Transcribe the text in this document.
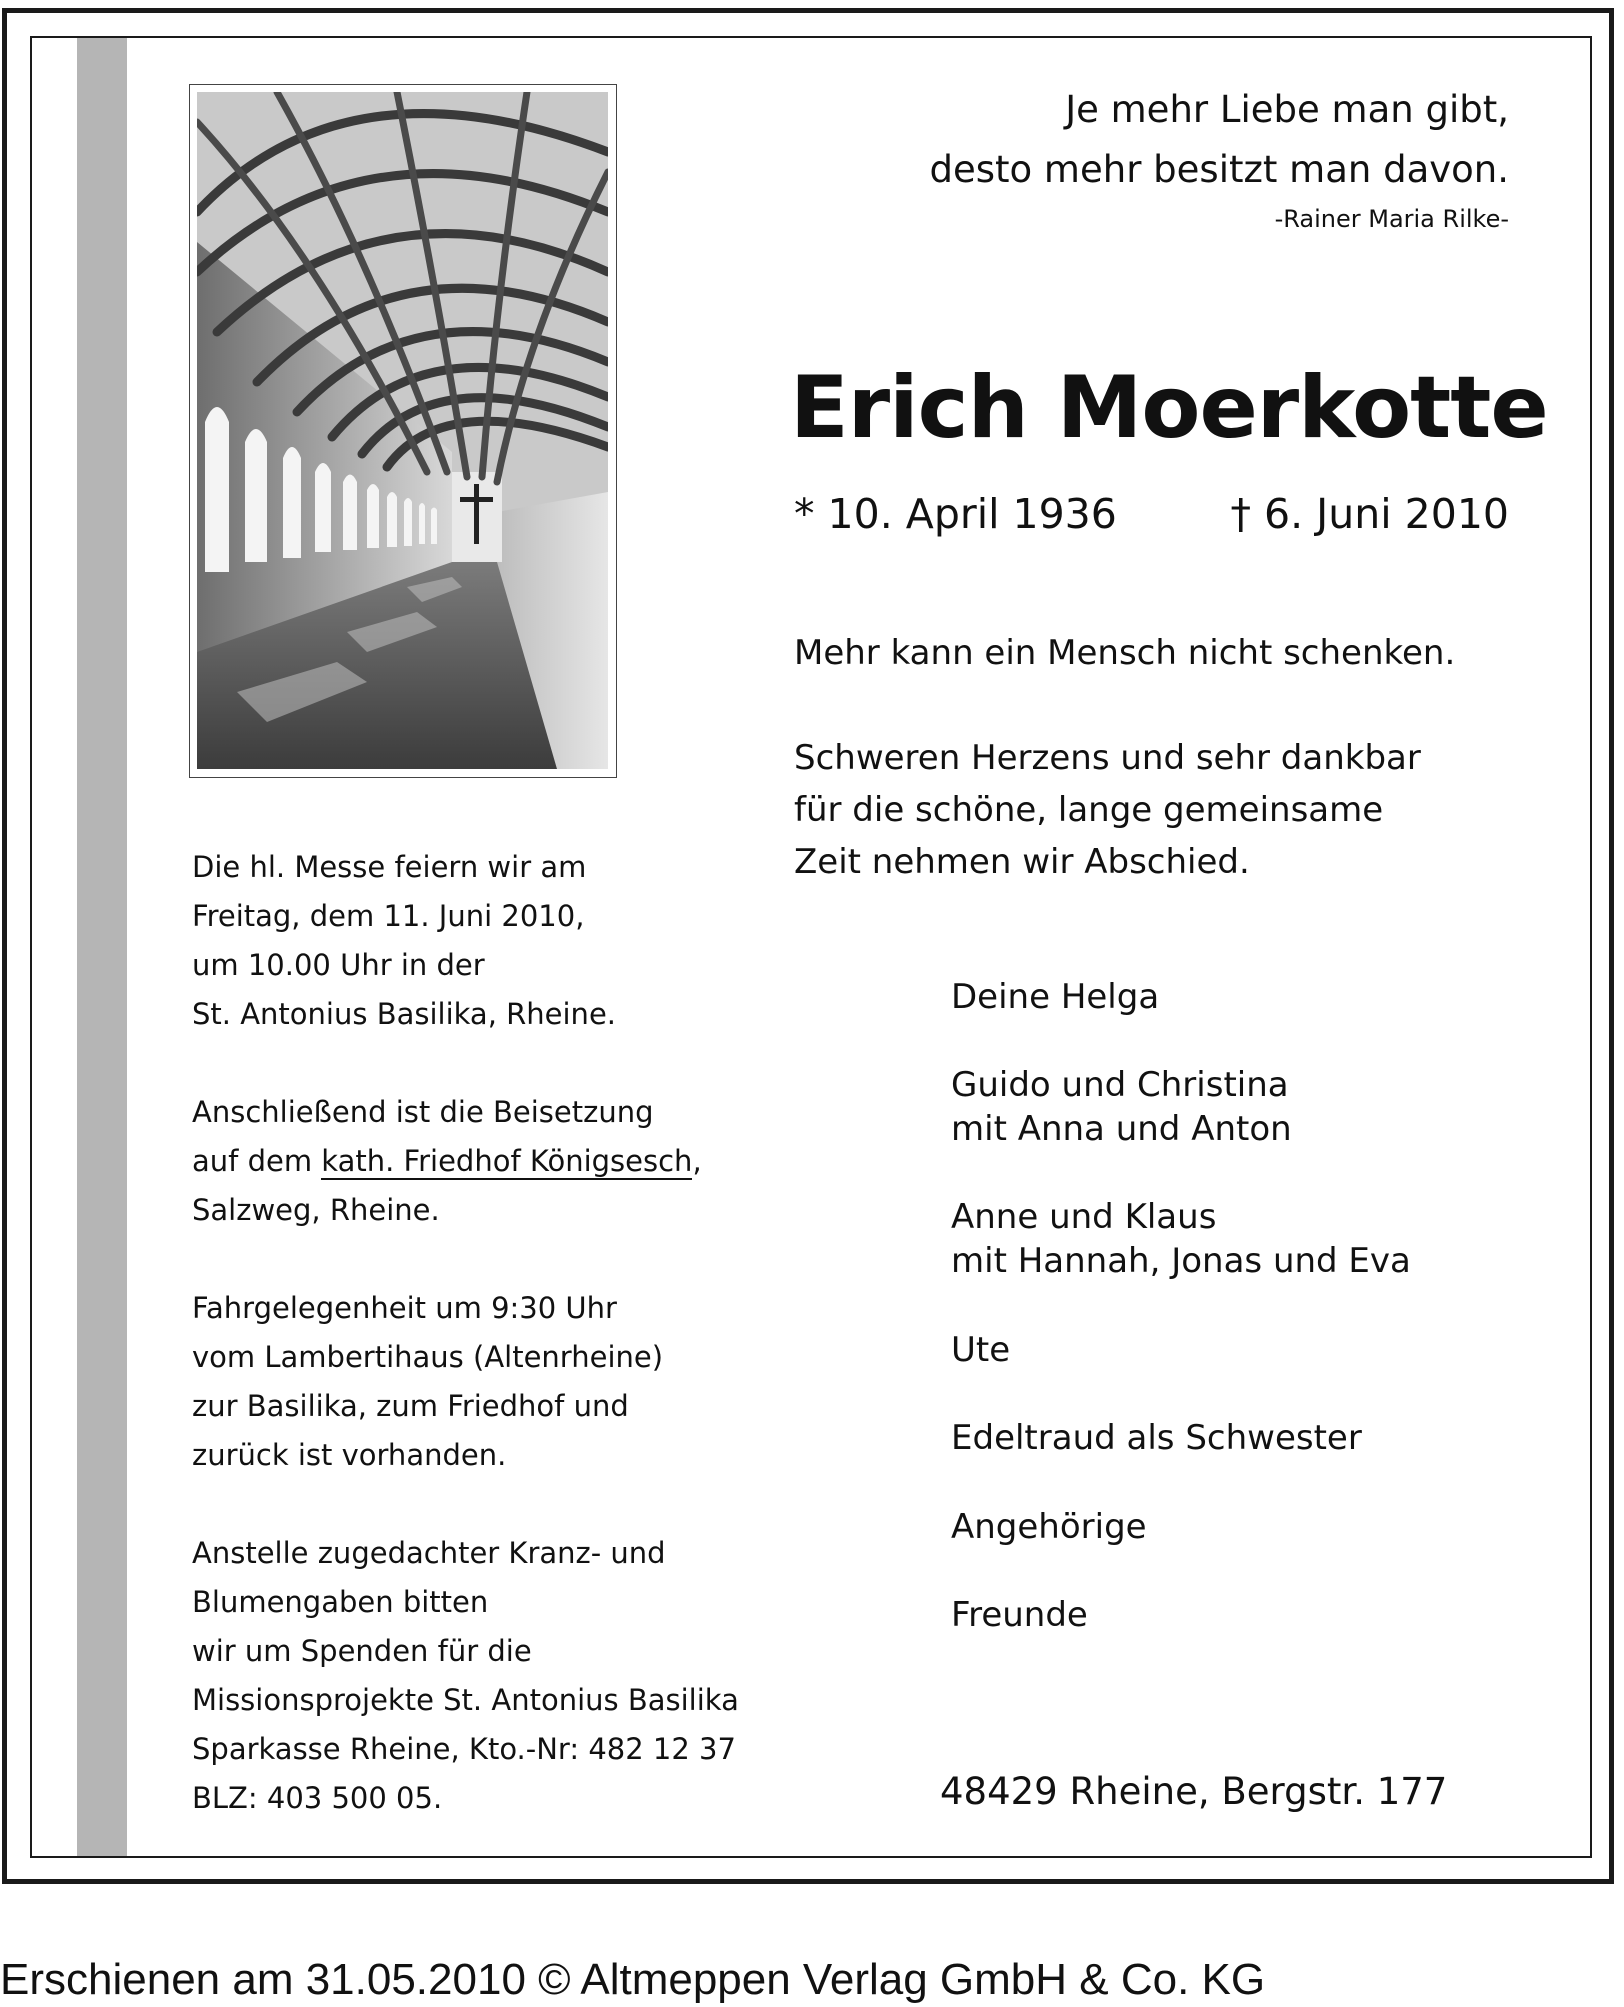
Je mehr Liebe man gibt,
desto mehr besitzt man davon.
-Rainer Maria Rilke-
Erich Moerkotte
* 10. April 1936	† 6. Juni 2010
Mehr kann ein Mensch nicht schenken.
Schweren Herzens und sehr dankbar
für die schöne, lange gemeinsame
Zeit nehmen wir Abschied.
Deine Helga
Guido und Christina
mit Anna und Anton
Anne und Klaus
mit Hannah, Jonas und Eva
Ute
Edeltraud als Schwester
Angehörige
Freunde
Die hl. Messe feiern wir am
Freitag, dem 11. Juni 2010,
um 10.00 Uhr in der
St. Antonius Basilika, Rheine.
Anschließend ist die Beisetzung
auf dem kath. Friedhof Königsesch,
Salzweg, Rheine.
Fahrgelegenheit um 9:30 Uhr
vom Lambertihaus (Altenrheine)
zur Basilika, zum Friedhof und
zurück ist vorhanden.
Anstelle zugedachter Kranz- und
Blumengaben bitten
wir um Spenden für die
Missionsprojekte St. Antonius Basilika
Sparkasse Rheine, Kto.-Nr: 482 12 37
BLZ: 403 500 05.	48429 Rheine, Bergstr. 177
Erschienen am 31.05.2010 © Altmeppen Verlag GmbH & Co. KG
